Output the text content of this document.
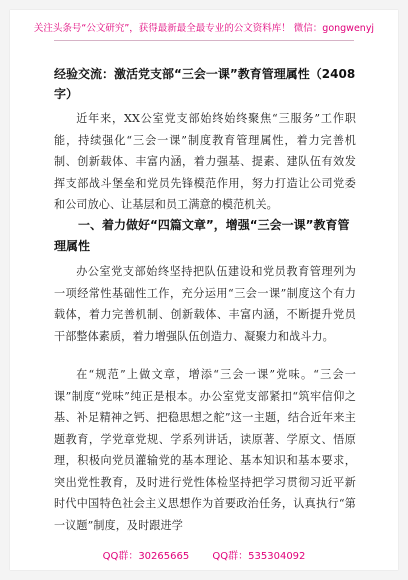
关注头条号“公文研究”，获得最新最全最专业的公文资料库！ 微信：gongwenyj
经验交流：激活党支部“三会一课”教育管理属性（2408字）
近年来，XX公室党支部始终始终聚焦“三服务”工作职能，持续强化“三会一课”制度教育管理属性，着力完善机制、创新载体、丰富内涵，着力强基、提素、建队伍有效发挥支部战斗堡垒和党员先锋模范作用，努力打造让公司党委和公司放心、让基层和员工满意的模范机关。
一、着力做好“四篇文章”，增强“三会一课”教育管理属性
办公室党支部始终坚持把队伍建设和党员教育管理列为一项经常性基础性工作，充分运用“三会一课”制度这个有力载体，着力完善机制、创新载体、丰富内涵，不断提升党员干部整体素质，着力增强队伍创造力、凝聚力和战斗力。
在“规范”上做文章，增添“三会一课”党味。“三会一课”制度“党味”纯正是根本。办公室党支部紧扣“筑牢信仰之基、补足精神之钙、把稳思想之舵”这一主题，结合近年来主题教育，学党章党规、学系列讲话，读原著、学原文、悟原理，积极向党员灌输党的基本理论、基本知识和基本要求，突出党性教育，及时进行党性体检坚持把学习贯彻习近平新时代中国特色社会主义思想作为首要政治任务，认真执行“第一议题”制度，及时跟进学
QQ群：30265665 QQ群：535304092
